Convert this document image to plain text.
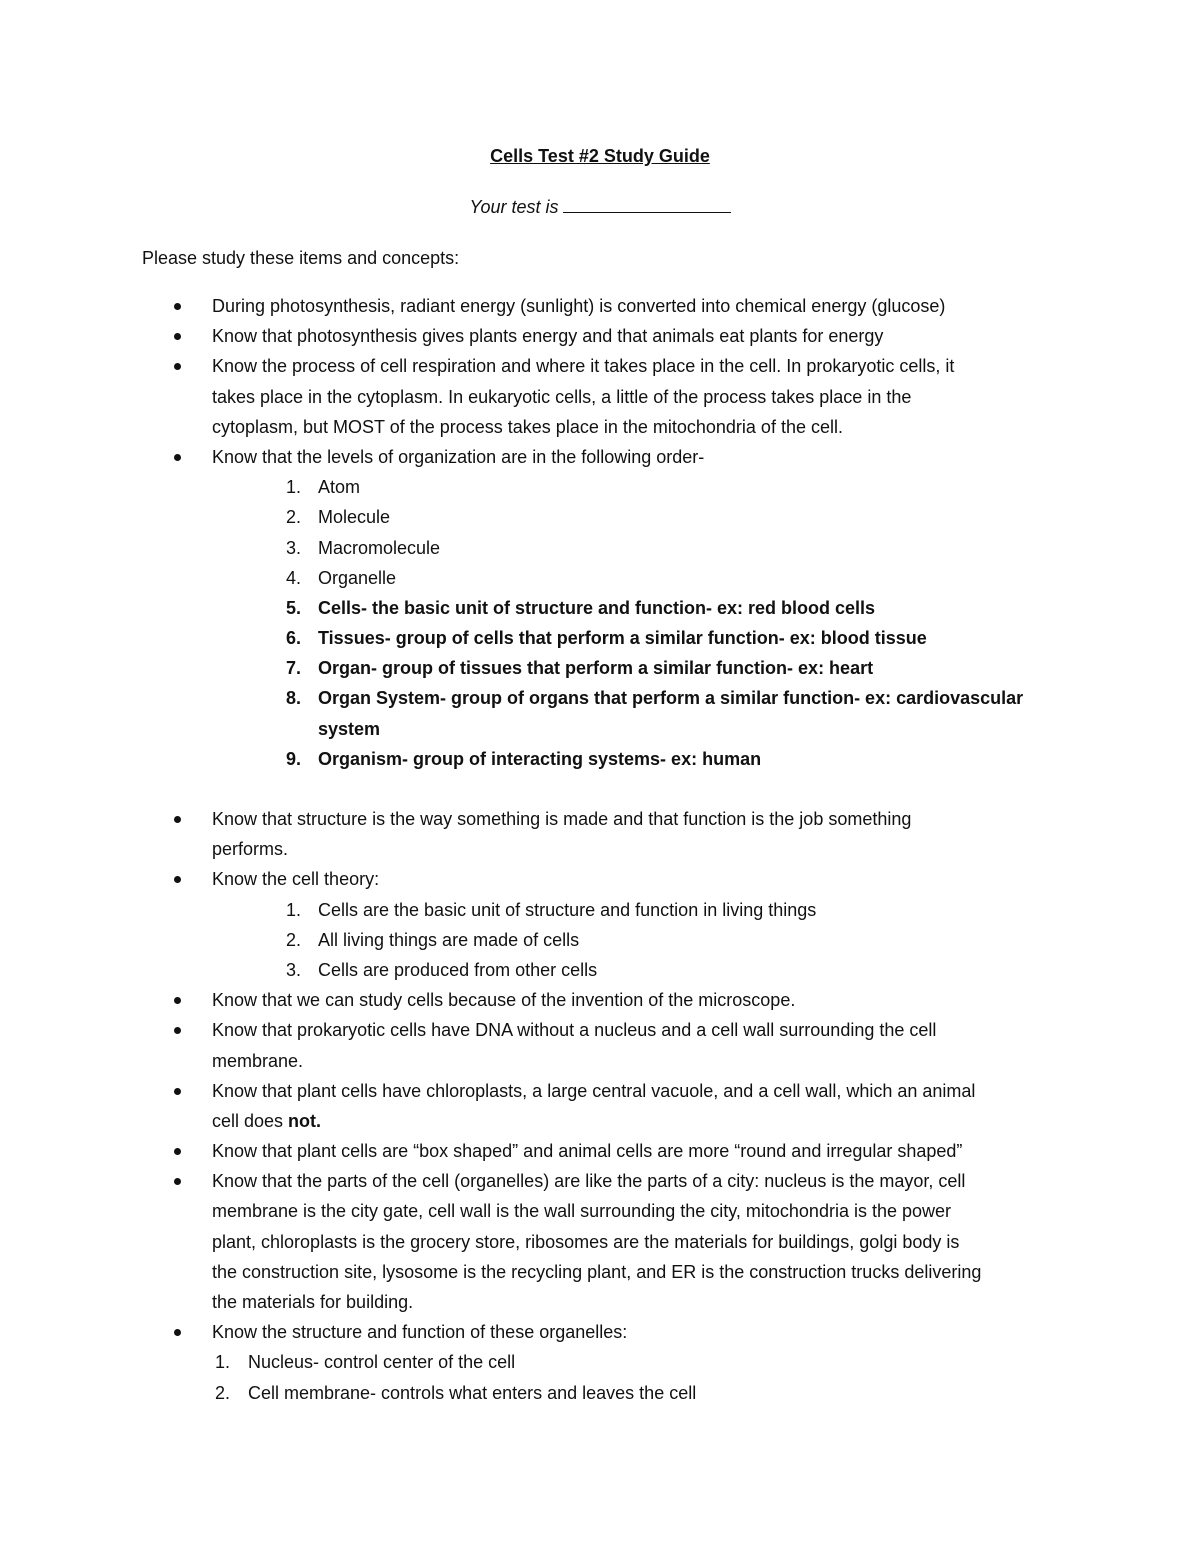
Cells Test #2 Study Guide
Your test is
Please study these items and concepts:
During photosynthesis, radiant energy (sunlight) is converted into chemical energy (glucose)
Know that photosynthesis gives plants energy and that animals eat plants for energy
Know the process of cell respiration and where it takes place in the cell. In prokaryotic cells, it
takes place in the cytoplasm. In eukaryotic cells, a little of the process takes place in the
cytoplasm, but MOST of the process takes place in the mitochondria of the cell.
Know that the levels of organization are in the following order-
1. Atom
2. Molecule
3. Macromolecule
4. Organelle
5. Cells- the basic unit of structure and function- ex: red blood cells
6. Tissues- group of cells that perform a similar function- ex: blood tissue
7. Organ- group of tissues that perform a similar function- ex: heart
8. Organ System- group of organs that perform a similar function- ex: cardiovascular
system
9. Organism- group of interacting systems- ex: human
Know that structure is the way something is made and that function is the job something
performs.
Know the cell theory:
1. Cells are the basic unit of structure and function in living things
2. All living things are made of cells
3. Cells are produced from other cells
Know that we can study cells because of the invention of the microscope.
Know that prokaryotic cells have DNA without a nucleus and a cell wall surrounding the cell
membrane.
Know that plant cells have chloroplasts, a large central vacuole, and a cell wall, which an animal
cell does not.
Know that plant cells are “box shaped” and animal cells are more “round and irregular shaped”
Know that the parts of the cell (organelles) are like the parts of a city: nucleus is the mayor, cell
membrane is the city gate, cell wall is the wall surrounding the city, mitochondria is the power
plant, chloroplasts is the grocery store, ribosomes are the materials for buildings, golgi body is
the construction site, lysosome is the recycling plant, and ER is the construction trucks delivering
the materials for building.
Know the structure and function of these organelles:
1. Nucleus- control center of the cell
2. Cell membrane- controls what enters and leaves the cell
